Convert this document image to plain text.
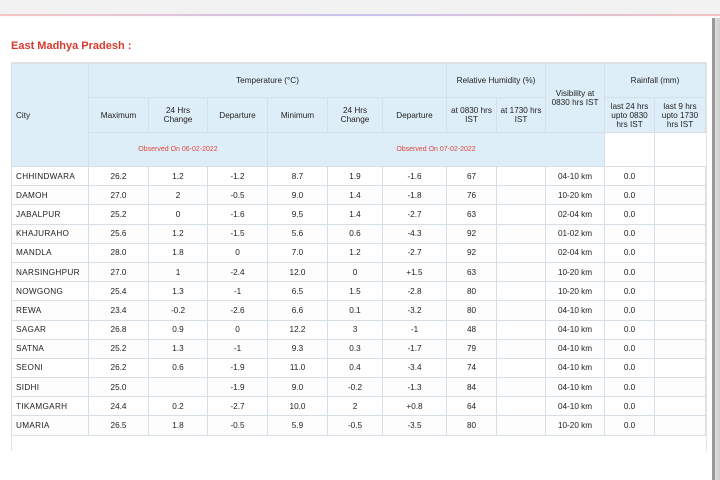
East Madhya Pradesh :
City	Temperature (°C)						Relative Humidity (%)		Visibility at 0830 hrs IST	Rainfall (mm)	
	Maximum	24 Hrs Change	Departure	Minimum	24 Hrs Change	Departure	at 0830 hrs IST	at 1730 hrs IST		last 24 hrs upto 0830 hrs IST	last 9 hrs upto 1730 hrs IST
	Observed On 06-02-2022			Observed On 07-02-2022							
CHHINDWARA	26.2	1.2	-1.2	8.7	1.9	-1.6	67		04-10 km	0.0	
DAMOH	27.0	2	-0.5	9.0	1.4	-1.8	76		10-20 km	0.0	
JABALPUR	25.2	0	-1.6	9.5	1.4	-2.7	63		02-04 km	0.0	
KHAJURAHO	25.6	1.2	-1.5	5.6	0.6	-4.3	92		01-02 km	0.0	
MANDLA	28.0	1.8	0	7.0	1.2	-2.7	92		02-04 km	0.0	
NARSINGHPUR	27.0	1	-2.4	12.0	0	+1.5	63		10-20 km	0.0	
NOWGONG	25.4	1.3	-1	6.5	1.5	-2.8	80		10-20 km	0.0	
REWA	23.4	-0.2	-2.6	6.6	0.1	-3.2	80		04-10 km	0.0	
SAGAR	26.8	0.9	0	12.2	3	-1	48		04-10 km	0.0	
SATNA	25.2	1.3	-1	9.3	0.3	-1.7	79		04-10 km	0.0	
SEONI	26.2	0.6	-1.9	11.0	0.4	-3.4	74		04-10 km	0.0	
SIDHI	25.0		-1.9	9.0	-0.2	-1.3	84		04-10 km	0.0	
TIKAMGARH	24.4	0.2	-2.7	10.0	2	+0.8	64		04-10 km	0.0	
UMARIA	26.5	1.8	-0.5	5.9	-0.5	-3.5	80		10-20 km	0.0	
